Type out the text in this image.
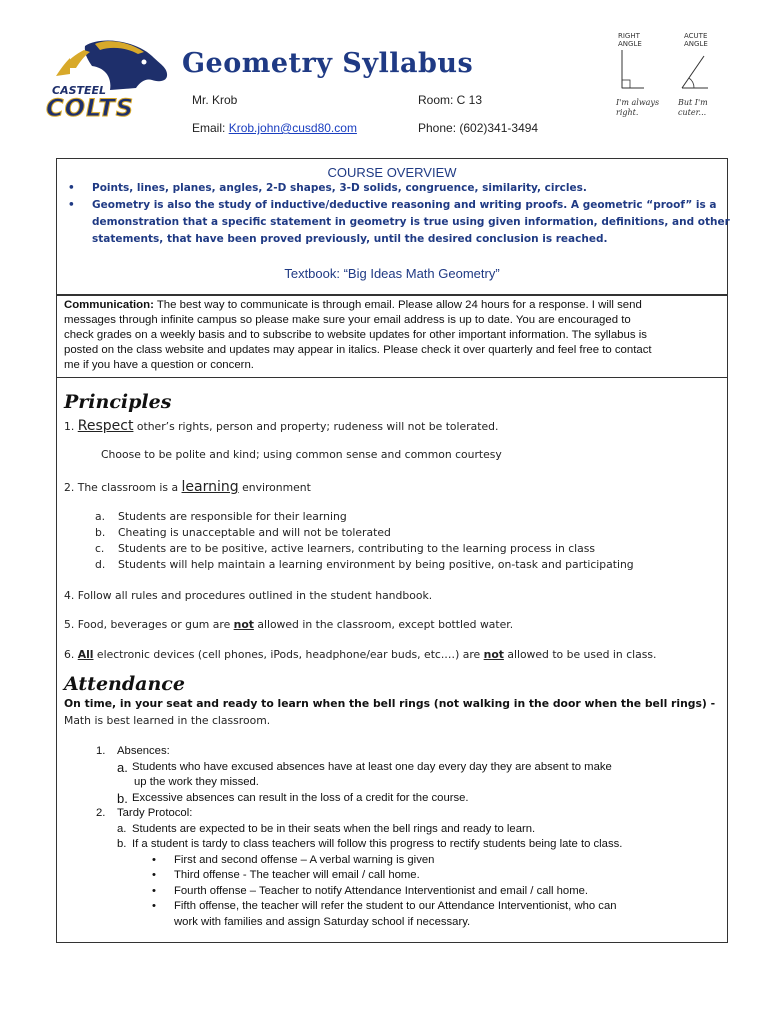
CASTEEL
COLTS
Geometry Syllabus
Mr. Krob	Room: C 13
Email: Krob.john@cusd80.com	Phone: (602)341-3494
RIGHT ANGLE
ACUTE ANGLE
I'm always right.
But I'm cuter...
COURSE OVERVIEW
• Points, lines, planes, angles, 2-D shapes, 3-D solids, congruence, similarity, circles.
• Geometry is also the study of inductive/deductive reasoning and writing proofs. A geometric “proof” is a
demonstration that a specific statement in geometry is true using given information, definitions, and other
statements, that have been proved previously, until the desired conclusion is reached.
Textbook: “Big Ideas Math Geometry”
Communication: The best way to communicate is through email. Please allow 24 hours for a response. I will send
messages through infinite campus so please make sure your email address is up to date. You are encouraged to
check grades on a weekly basis and to subscribe to website updates for other important information. The syllabus is
posted on the class website and updates may appear in italics. Please check it over quarterly and feel free to contact
me if you have a question or concern.
Principles
1. Respect other’s rights, person and property; rudeness will not be tolerated.
Choose to be polite and kind; using common sense and common courtesy
2. The classroom is a learning environment
a. Students are responsible for their learning
b. Cheating is unacceptable and will not be tolerated
c. Students are to be positive, active learners, contributing to the learning process in class
d. Students will help maintain a learning environment by being positive, on-task and participating
4. Follow all rules and procedures outlined in the student handbook.
5. Food, beverages or gum are not allowed in the classroom, except bottled water.
6. All electronic devices (cell phones, iPods, headphone/ear buds, etc.…) are not allowed to be used in class.
Attendance
On time, in your seat and ready to learn when the bell rings (not walking in the door when the bell rings) -
Math is best learned in the classroom.
1. Absences:
a. Students who have excused absences have at least one day every day they are absent to make
up the work they missed.
b. Excessive absences can result in the loss of a credit for the course.
2. Tardy Protocol:
a. Students are expected to be in their seats when the bell rings and ready to learn.
b. If a student is tardy to class teachers will follow this progress to rectify students being late to class.
• First and second offense – A verbal warning is given
• Third offense - The teacher will email / call home.
• Fourth offense – Teacher to notify Attendance Interventionist and email / call home.
• Fifth offense, the teacher will refer the student to our Attendance Interventionist, who can
work with families and assign Saturday school if necessary.
